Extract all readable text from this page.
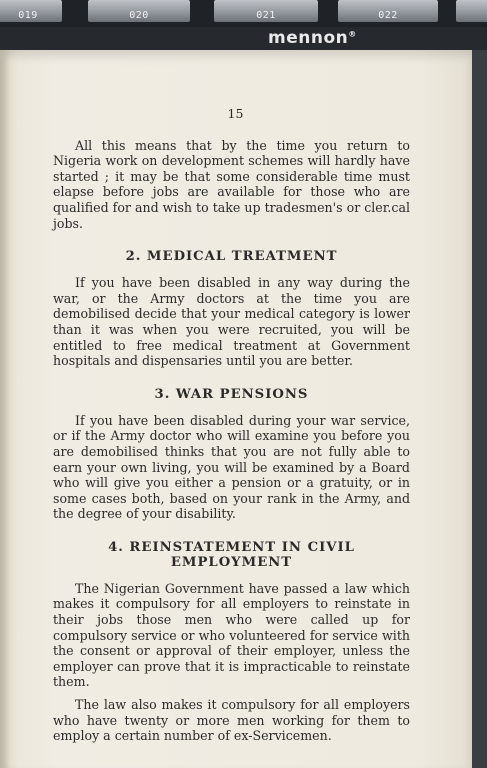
019	020	021	022
mennon®
15

All this means that by the time you return to Nigeria work on development schemes will hardly have started ; it may be that some considerable time must elapse before jobs are available for those who are qualified for and wish to take up tradesmen's or cler.cal jobs.

2. MEDICAL TREATMENT

If you have been disabled in any way during the war, or the Army doctors at the time you are demobilised decide that your medical category is lower than it was when you were recruited, you will be entitled to free medical treatment at Government hospitals and dispensaries until you are better.

3. WAR PENSIONS

If you have been disabled during your war service, or if the Army doctor who will examine you before you are demobilised thinks that you are not fully able to earn your own living, you will be examined by a Board who will give you either a pension or a gratuity, or in some cases both, based on your rank in the Army, and the degree of your disability.

4. REINSTATEMENT IN CIVIL EMPLOYMENT

The Nigerian Government have passed a law which makes it compulsory for all employers to reinstate in their jobs those men who were called up for compulsory service or who volunteered for service with the consent or approval of their employer, unless the employer can prove that it is impracticable to reinstate them.

The law also makes it compulsory for all employers who have twenty or more men working for them to employ a certain number of ex-Servicemen.
